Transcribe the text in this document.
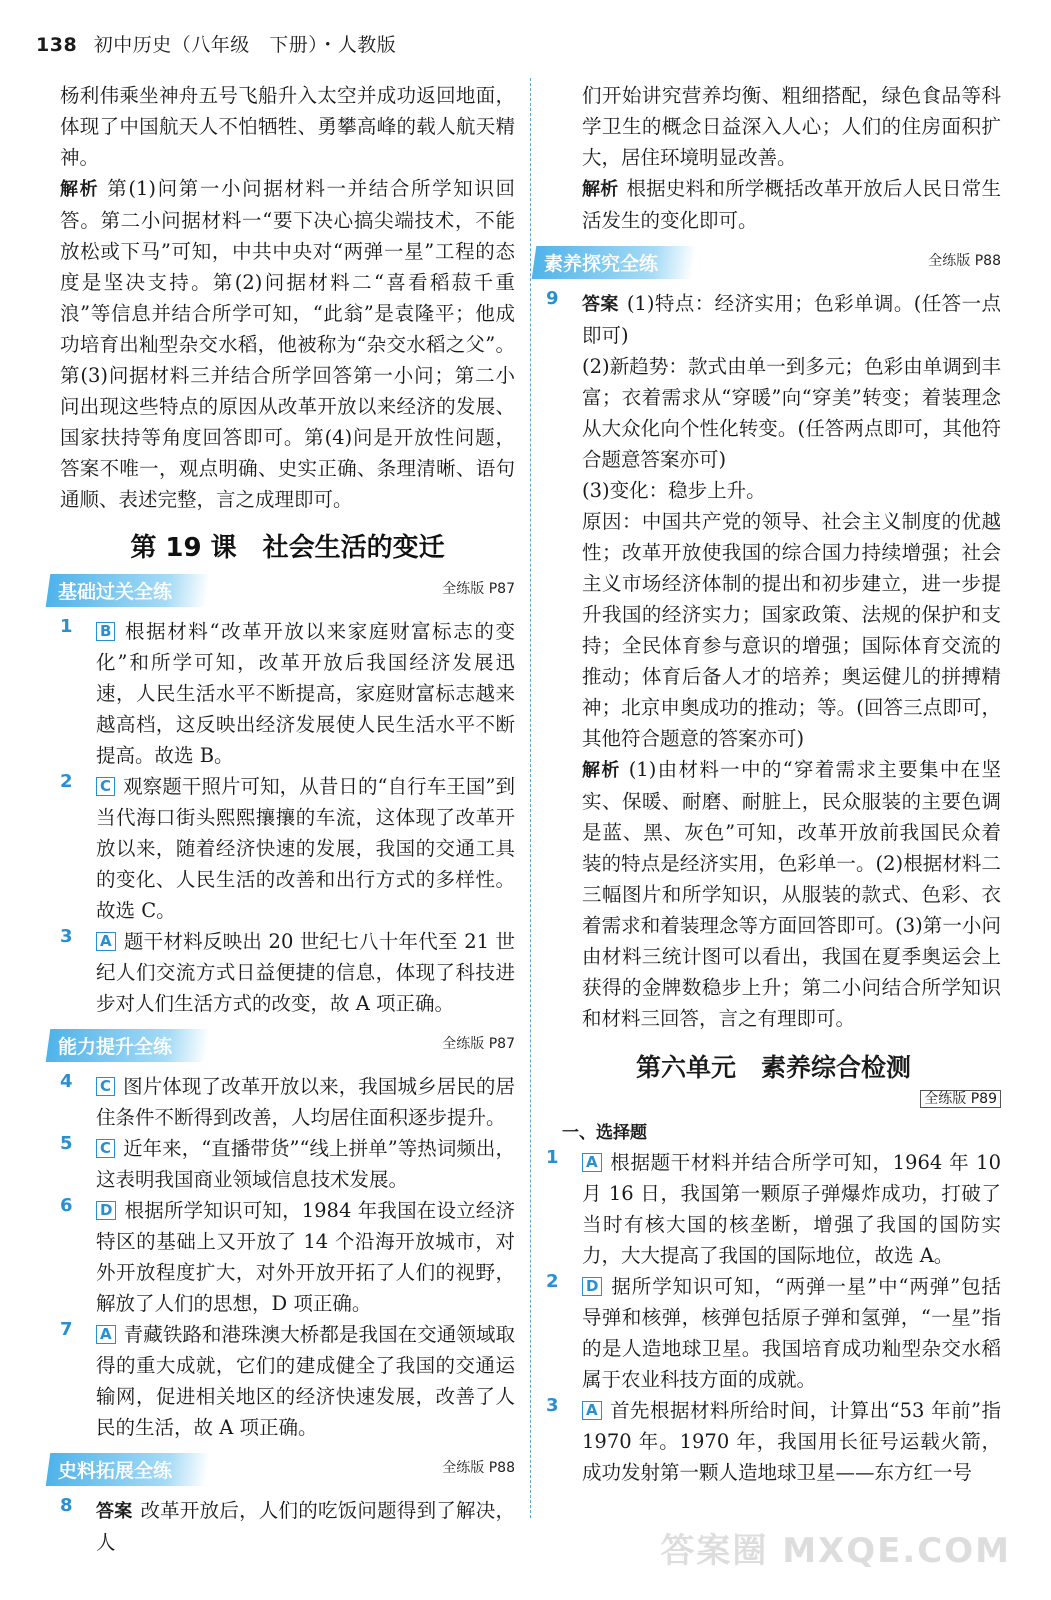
138 初中历史（八年级　下册）・人教版

杨利伟乘坐神舟五号飞船升入太空并成功返回地面，体现了中国航天人不怕牺牲、勇攀高峰的载人航天精神。

解析 第(1)问第一小问据材料一并结合所学知识回答。第二小问据材料一“要下决心搞尖端技术，不能放松或下马”可知，中共中央对“两弹一星”工程的态度是坚决支持。第(2)问据材料二“喜看稻菽千重浪”等信息并结合所学可知，“此翁”是袁隆平；他成功培育出籼型杂交水稻，他被称为“杂交水稻之父”。第(3)问据材料三并结合所学回答第一小问；第二小问出现这些特点的原因从改革开放以来经济的发展、国家扶持等角度回答即可。第(4)问是开放性问题，答案不唯一，观点明确、史实正确、条理清晰、语句通顺、表述完整，言之成理即可。

第 19 课　社会生活的变迁
基础过关全练	全练版 P87
1 B 根据材料“改革开放以来家庭财富标志的变化”和所学可知，改革开放后我国经济发展迅速，人民生活水平不断提高，家庭财富标志越来越高档，这反映出经济发展使人民生活水平不断提高。故选 B。

2 C 观察题干照片可知，从昔日的“自行车王国”到当代海口街头熙熙攘攘的车流，这体现了改革开放以来，随着经济快速的发展，我国的交通工具的变化、人民生活的改善和出行方式的多样性。故选 C。

3 A 题干材料反映出 20 世纪七八十年代至 21 世纪人们交流方式日益便捷的信息，体现了科技进步对人们生活方式的改变，故 A 项正确。

能力提升全练	全练版 P87
4 C 图片体现了改革开放以来，我国城乡居民的居住条件不断得到改善，人均居住面积逐步提升。

5 C 近年来，“直播带货”“线上拼单”等热词频出，这表明我国商业领域信息技术发展。

6 D 根据所学知识可知，1984 年我国在设立经济特区的基础上又开放了 14 个沿海开放城市，对外开放程度扩大，对外开放开拓了人们的视野，解放了人们的思想，D 项正确。

7 A 青藏铁路和港珠澳大桥都是我国在交通领域取得的重大成就，它们的建成健全了我国的交通运输网，促进相关地区的经济快速发展，改善了人民的生活，故 A 项正确。

史料拓展全练	全练版 P88
8 答案 改革开放后，人们的吃饭问题得到了解决，人

们开始讲究营养均衡、粗细搭配，绿色食品等科学卫生的概念日益深入人心；人们的住房面积扩大，居住环境明显改善。

解析 根据史料和所学概括改革开放后人民日常生活发生的变化即可。

素养探究全练	全练版 P88
9 答案 (1)特点：经济实用；色彩单调。(任答一点即可)

(2)新趋势：款式由单一到多元；色彩由单调到丰富；衣着需求从“穿暖”向“穿美”转变；着装理念从大众化向个性化转变。(任答两点即可，其他符合题意答案亦可)

(3)变化：稳步上升。

原因：中国共产党的领导、社会主义制度的优越性；改革开放使我国的综合国力持续增强；社会主义市场经济体制的提出和初步建立，进一步提升我国的经济实力；国家政策、法规的保护和支持；全民体育参与意识的增强；国际体育交流的推动；体育后备人才的培养；奥运健儿的拼搏精神；北京申奥成功的推动；等。(回答三点即可，其他符合题意的答案亦可)

解析 (1)由材料一中的“穿着需求主要集中在坚实、保暖、耐磨、耐脏上，民众服装的主要色调是蓝、黑、灰色”可知，改革开放前我国民众着装的特点是经济实用，色彩单一。(2)根据材料二三幅图片和所学知识，从服装的款式、色彩、衣着需求和着装理念等方面回答即可。(3)第一小问由材料三统计图可以看出，我国在夏季奥运会上获得的金牌数稳步上升；第二小问结合所学知识和材料三回答，言之有理即可。

第六单元　素养综合检测
全练版 P89
一、选择题
1 A 根据题干材料并结合所学可知，1964 年 10 月 16 日，我国第一颗原子弹爆炸成功，打破了当时有核大国的核垄断，增强了我国的国防实力，大大提高了我国的国际地位，故选 A。

2 D 据所学知识可知，“两弹一星”中“两弹”包括导弹和核弹，核弹包括原子弹和氢弹，“一星”指的是人造地球卫星。我国培育成功籼型杂交水稻属于农业科技方面的成就。

3 A 首先根据材料所给时间，计算出“53 年前”指 1970 年。1970 年，我国用长征号运载火箭，成功发射第一颗人造地球卫星——东方红一号

答案圈 MXQE.COM
